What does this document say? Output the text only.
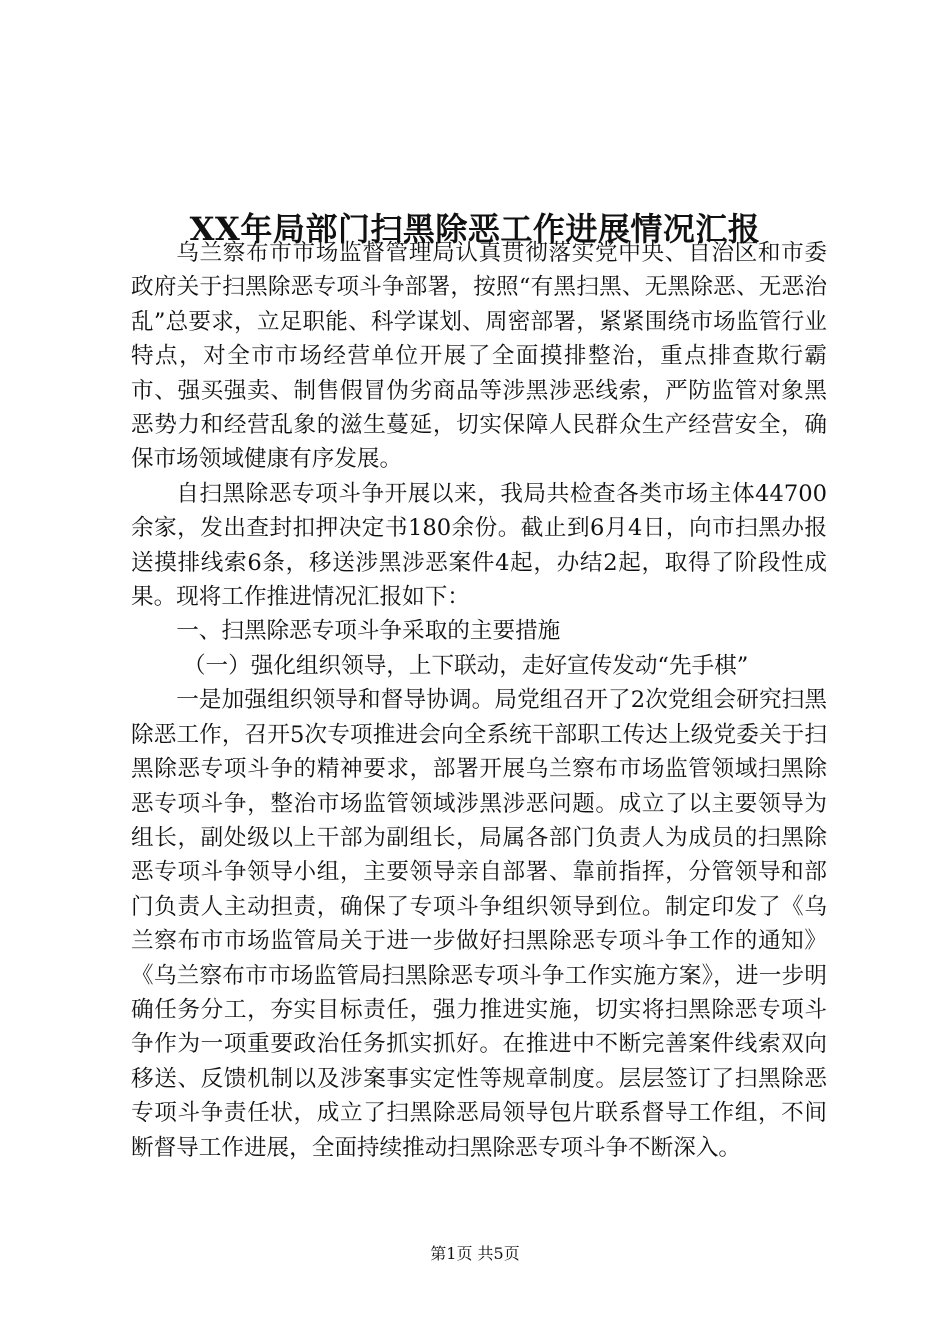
XX年局部门扫黑除恶工作进展情况汇报

乌兰察布市市场监督管理局认真贯彻落实党中央、自治区和市委政府关于扫黑除恶专项斗争部署，按照“有黑扫黑、无黑除恶、无恶治乱”总要求，立足职能、科学谋划、周密部署，紧紧围绕市场监管行业特点，对全市市场经营单位开展了全面摸排整治，重点排查欺行霸市、强买强卖、制售假冒伪劣商品等涉黑涉恶线索，严防监管对象黑恶势力和经营乱象的滋生蔓延，切实保障人民群众生产经营安全，确保市场领域健康有序发展。

自扫黑除恶专项斗争开展以来，我局共检查各类市场主体44700余家，发出查封扣押决定书180余份。截止到6月4日，向市扫黑办报送摸排线索6条，移送涉黑涉恶案件4起，办结2起，取得了阶段性成果。现将工作推进情况汇报如下：

一、扫黑除恶专项斗争采取的主要措施

（一）强化组织领导，上下联动，走好宣传发动“先手棋”

一是加强组织领导和督导协调。局党组召开了2次党组会研究扫黑除恶工作，召开5次专项推进会向全系统干部职工传达上级党委关于扫黑除恶专项斗争的精神要求，部署开展乌兰察布市场监管领域扫黑除恶专项斗争，整治市场监管领域涉黑涉恶问题。成立了以主要领导为组长，副处级以上干部为副组长，局属各部门负责人为成员的扫黑除恶专项斗争领导小组，主要领导亲自部署、靠前指挥，分管领导和部门负责人主动担责，确保了专项斗争组织领导到位。制定印发了《乌兰察布市市场监管局关于进一步做好扫黑除恶专项斗争工作的通知》《乌兰察布市市场监管局扫黑除恶专项斗争工作实施方案》，进一步明确任务分工，夯实目标责任，强力推进实施，切实将扫黑除恶专项斗争作为一项重要政治任务抓实抓好。在推进中不断完善案件线索双向移送、反馈机制以及涉案事实定性等规章制度。层层签订了扫黑除恶专项斗争责任状，成立了扫黑除恶局领导包片联系督导工作组，不间断督导工作进展，全面持续推动扫黑除恶专项斗争不断深入。

第1页 共5页
